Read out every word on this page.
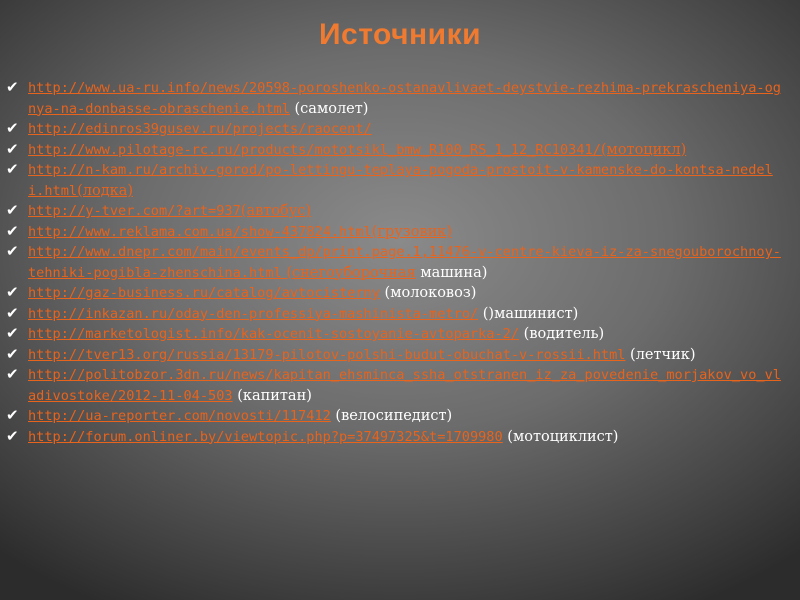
Источники
✔ http://www.ua-ru.info/news/20598-poroshenko-ostanavlivaet-deystvie-rezhima-prekrascheniya-ognya-na-donbasse-obraschenie.html (самолет)
✔ http://edinros39gusev.ru/projects/raocent/
✔ http://www.pilotage-rc.ru/products/mototsikl_bmw_R100_RS_1_12_RC10341/(мотоцикл)
✔ http://n-kam.ru/archiv-gorod/po-lettingu-teplaya-pogoda-prostoit-v-kamenske-do-kontsa-nedeli.html(лодка)
✔ http://y-tver.com/?art=937(автобус)
✔ http://www.reklama.com.ua/show-437824.html(грузовик)
✔ http://www.dnepr.com/main/events_dp/print.page.1,11476-v-centre-kieva-iz-za-snegouborochnoy-tehniki-pogibla-zhenschina.html (снегоуборочная машина)
✔ http://gaz-business.ru/catalog/avtocisterny (молоковоз)
✔ http://inkazan.ru/oday-den-professiya-mashinista-metro/ ()машинист)
✔ http://marketologist.info/kak-ocenit-sostoyanie-avtoparka-2/ (водитель)
✔ http://tver13.org/russia/13179-pilotov-polshi-budut-obuchat-v-rossii.html (летчик)
✔ http://politobzor.3dn.ru/news/kapitan_ehsminca_ssha_otstranen_iz_za_povedenie_morjakov_vo_vladivostoke/2012-11-04-503 (капитан)
✔ http://ua-reporter.com/novosti/117412 (велосипедист)
✔ http://forum.onliner.by/viewtopic.php?p=37497325&t=1709980 (мотоциклист)
